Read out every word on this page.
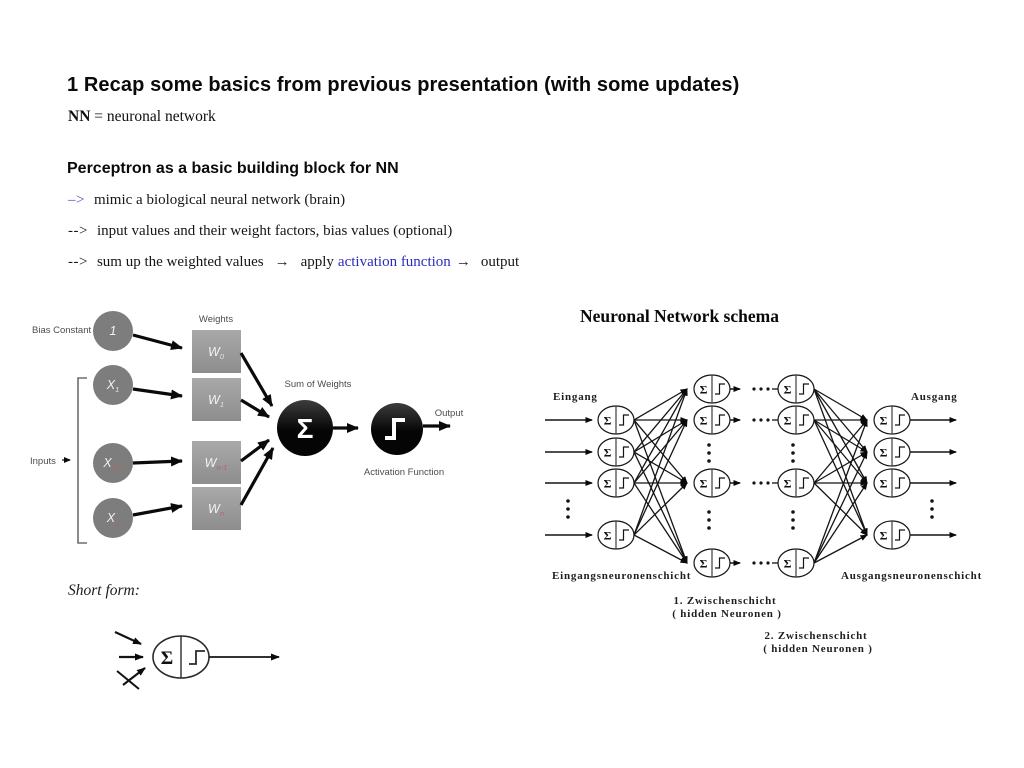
1 Recap some basics from previous presentation (with some updates)
NN = neuronal network
Perceptron as a basic building block for NN
–> mimic a biological neural network (brain)
--> input values and their weight factors, bias values (optional)
--> sum up the weighted values → apply activation function → output
1
$X_1$
$X_{n-1}$
$X_n$
$W_0$
$W_1$
$W_{n-1}$
$W_n$
Σ
Bias Constant
Inputs
Weights
Sum of Weights
Activation Function
Output
Neuronal Network schema
Σ
Σ
Σ
Σ
Σ
Σ
Σ
Σ
Σ
Σ
Σ
Σ
Σ
Σ
Σ
Σ
Eingang	Ausgang
Eingangsneuronenschicht	Ausgangsneuronenschicht
1. Zwischenschicht
( hidden Neuronen )
2. Zwischenschicht
( hidden Neuronen )
Short form:
Σ
